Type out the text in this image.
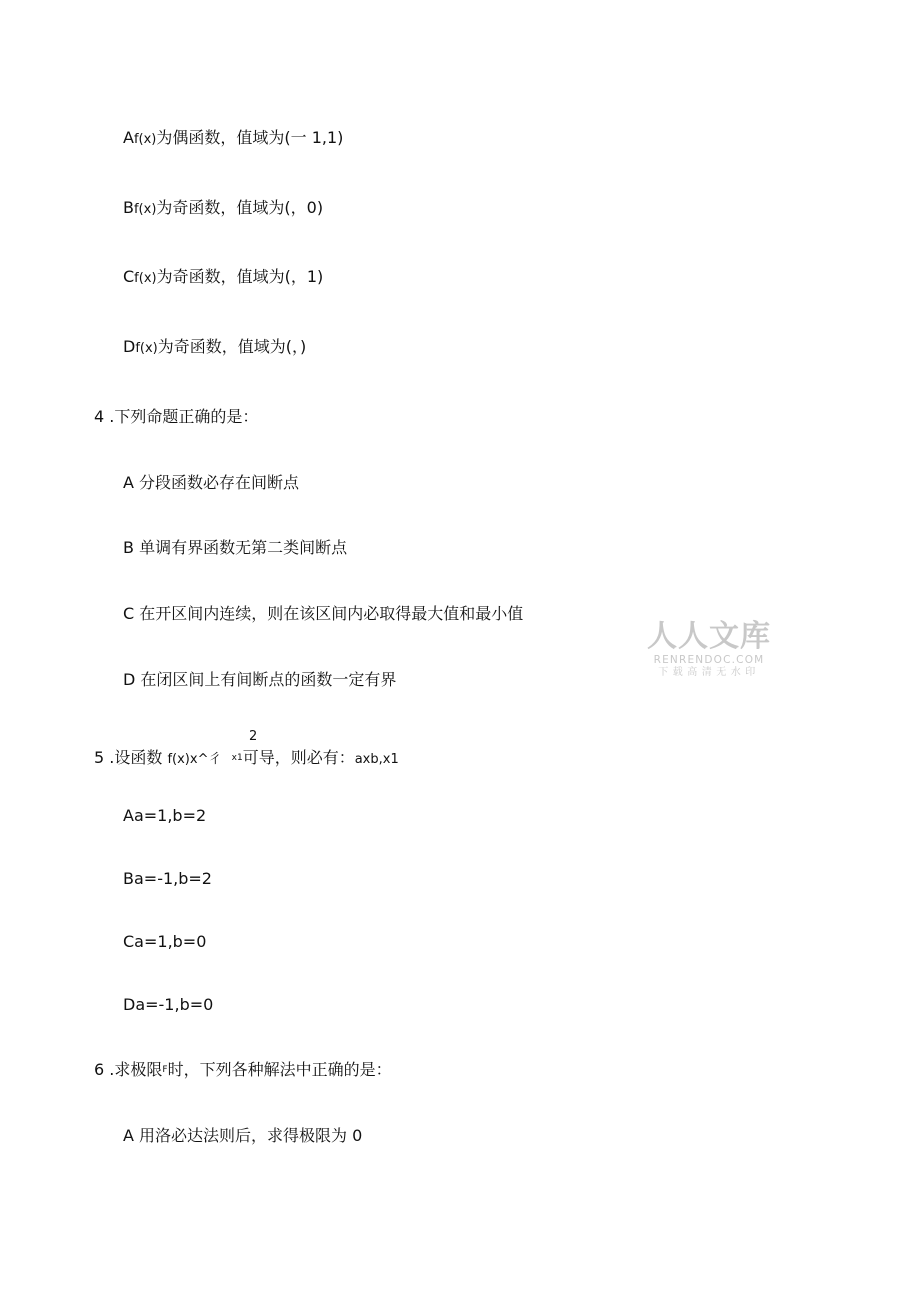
Af(x)为偶函数，值域为(一 1,1)
Bf(x)为奇函数，值域为(，0)
Cf(x)为奇函数，值域为(，1)
Df(x)为奇函数，值域为(，)
4 .下列命题正确的是：
A 分段函数必存在间断点
B 单调有界函数无第二类间断点
C 在开区间内连续，则在该区间内必取得最大值和最小值
D 在闭区间上有间断点的函数一定有界
2
5 .设函数 f(x)x^彳 x1可导，则必有：axb,x1
Aa=1,b=2
Ba=-1,b=2
Ca=1,b=0
Da=-1,b=0
6 .求极限F时，下列各种解法中正确的是：
A 用洛必达法则后，求得极限为 0
人人文库
RENRENDOC.COM
下载高清无水印
